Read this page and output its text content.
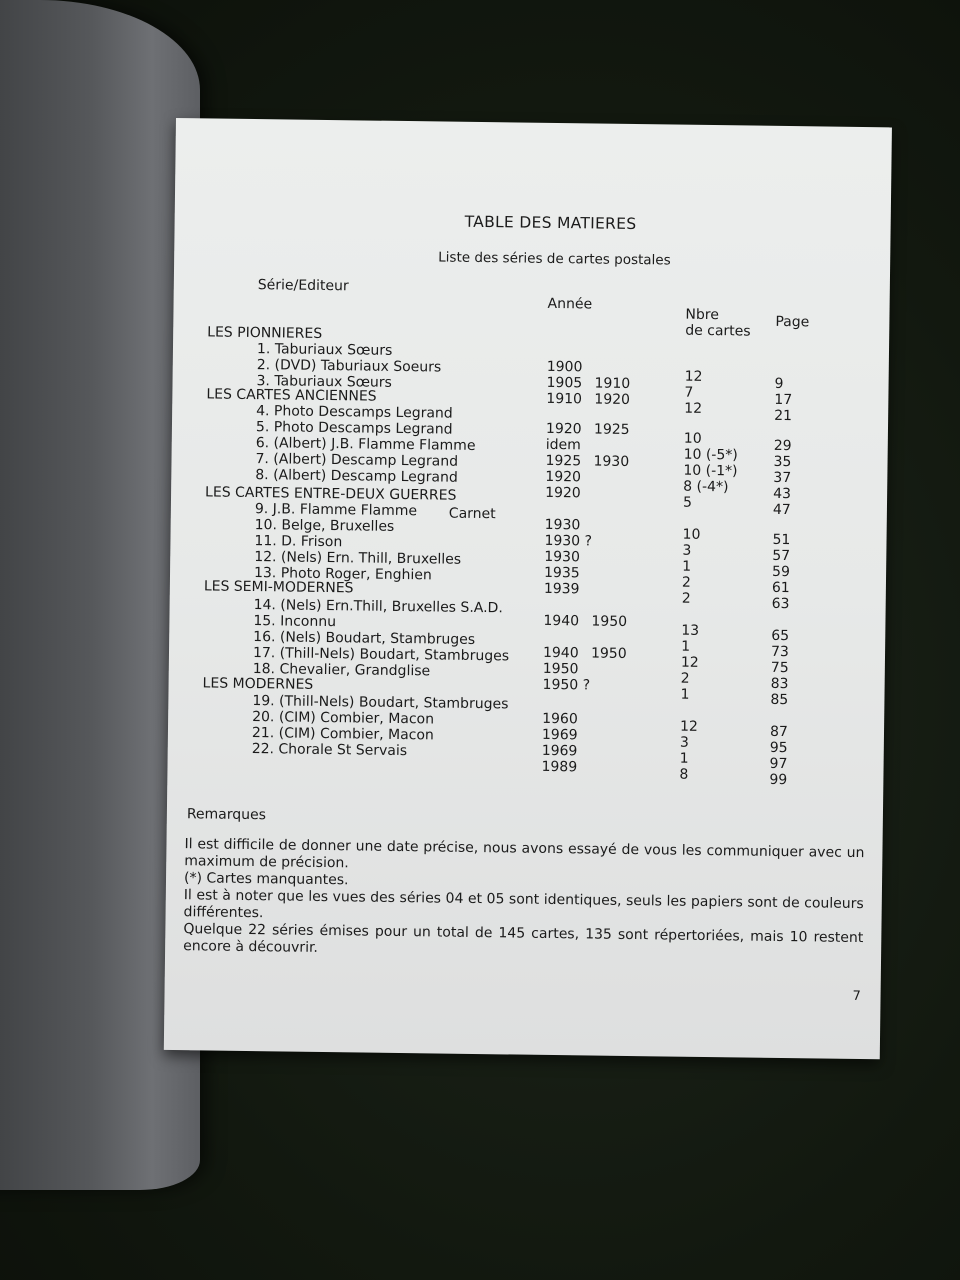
TABLE DES MATIERES
Liste des séries de cartes postales
Série/Editeur
Année
Nbre
de cartes
Page
LES PIONNIERES
LES CARTES ANCIENNES
LES CARTES ENTRE-DEUX GUERRES
LES SEMI-MODERNES
LES MODERNES
1. Taburiaux Sœurs
2. (DVD) Taburiaux Soeurs
3. Taburiaux Sœurs
4. Photo Descamps Legrand
5. Photo Descamps Legrand
6. (Albert) J.B. Flamme Flamme
7. (Albert) Descamp Legrand
8. (Albert) Descamp Legrand
9. J.B. Flamme Flamme Carnet
10. Belge, Bruxelles
11. D. Frison
12. (Nels) Ern. Thill, Bruxelles
13. Photo Roger, Enghien
14. (Nels) Ern.Thill, Bruxelles S.A.D.
15. Inconnu
16. (Nels) Boudart, Stambruges
17. (Thill-Nels) Boudart, Stambruges
18. Chevalier, Grandglise
19. (Thill-Nels) Boudart, Stambruges
20. (CIM) Combier, Macon
21. (CIM) Combier, Macon
22. Chorale St Servais
1900
1905
1910
1920
idem
1925
1920
1920
1930
1930 ?
1930
1935
1939
1940
1940
1950
1950 ?
1960
1969
1969
1989
1910
1920
1925
1930
1950
1950
12
7
12
10
10 (-5*)
10 (-1*)
8 (-4*)
5
10
3
1
2
2
13
1
12
2
1
12
3
1
8
9
17
21
29
35
37
43
47
51
57
59
61
63
65
73
75
83
85
87
95
97
99
Remarques
Il est difficile de donner une date précise, nous avons essayé de vous les communiquer avec un maximum de précision.
(*) Cartes manquantes.
Il est à noter que les vues des séries 04 et 05 sont identiques, seuls les papiers sont de couleurs différentes.
Quelque 22 séries émises pour un total de 145 cartes, 135 sont répertoriées, mais 10 restent encore à découvrir.
7
